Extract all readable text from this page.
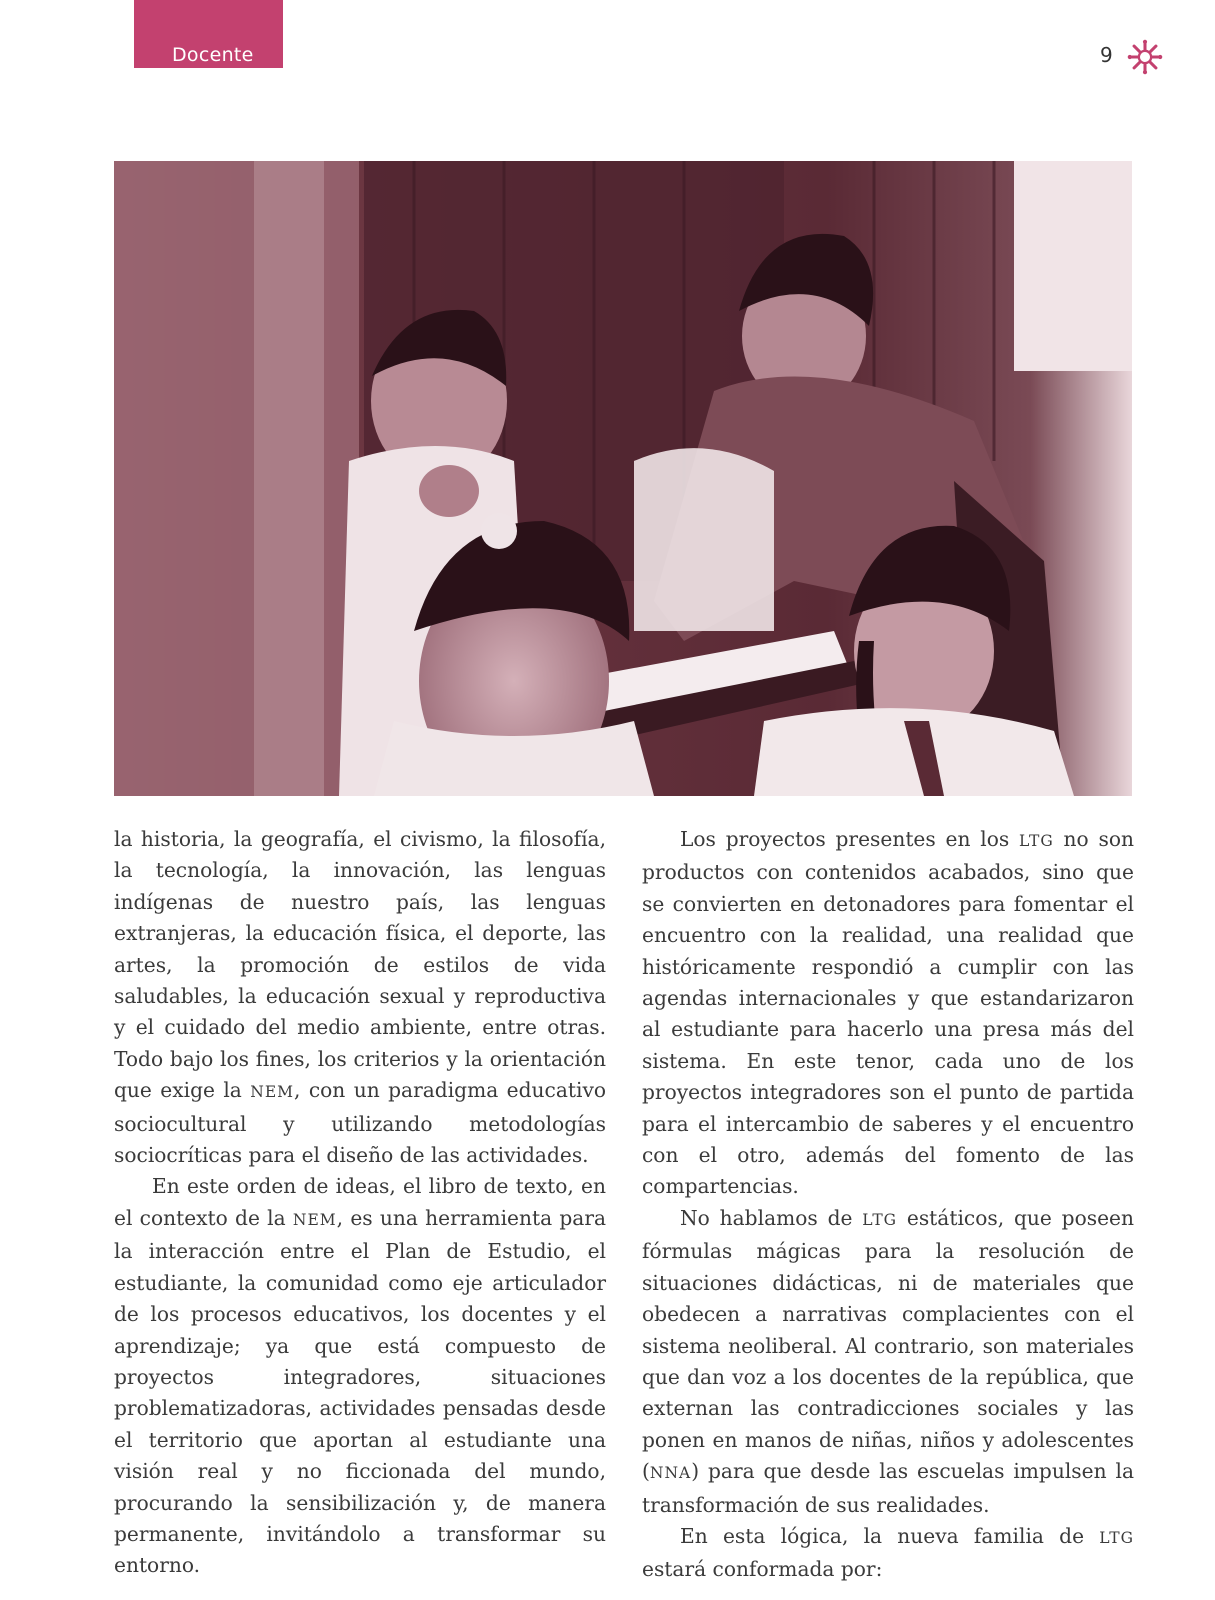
Docente	9

la historia, la geografía, el civismo, la filosofía, la tecnología, la innovación, las lenguas indígenas de nuestro país, las lenguas extranjeras, la educación física, el deporte, las artes, la promoción de estilos de vida saludables, la educación sexual y reproductiva y el cuidado del medio ambiente, entre otras. Todo bajo los fines, los criterios y la orientación que exige la NEM, con un paradigma educativo sociocultural y utilizando metodologías sociocríticas para el diseño de las actividades.

En este orden de ideas, el libro de texto, en el contexto de la NEM, es una herramienta para la interacción entre el Plan de Estudio, el estudiante, la comunidad como eje articulador de los procesos educativos, los docentes y el aprendizaje; ya que está compuesto de proyectos integradores, situaciones problematizadoras, actividades pensadas desde el territorio que aportan al estudiante una visión real y no ficcionada del mundo, procurando la sensibilización y, de manera permanente, invitándolo a transformar su entorno.

Los proyectos presentes en los LTG no son productos con contenidos acabados, sino que se convierten en detonadores para fomentar el encuentro con la realidad, una realidad que históricamente respondió a cumplir con las agendas internacionales y que estandarizaron al estudiante para hacerlo una presa más del sistema. En este tenor, cada uno de los proyectos integradores son el punto de partida para el intercambio de saberes y el encuentro con el otro, además del fomento de las compartencias.

No hablamos de LTG estáticos, que poseen fórmulas mágicas para la resolución de situaciones didácticas, ni de materiales que obedecen a narrativas complacientes con el sistema neoliberal. Al contrario, son materiales que dan voz a los docentes de la república, que externan las contradicciones sociales y las ponen en manos de niñas, niños y adolescentes (NNA) para que desde las escuelas impulsen la transformación de sus realidades.

En esta lógica, la nueva familia de LTG estará conformada por:
